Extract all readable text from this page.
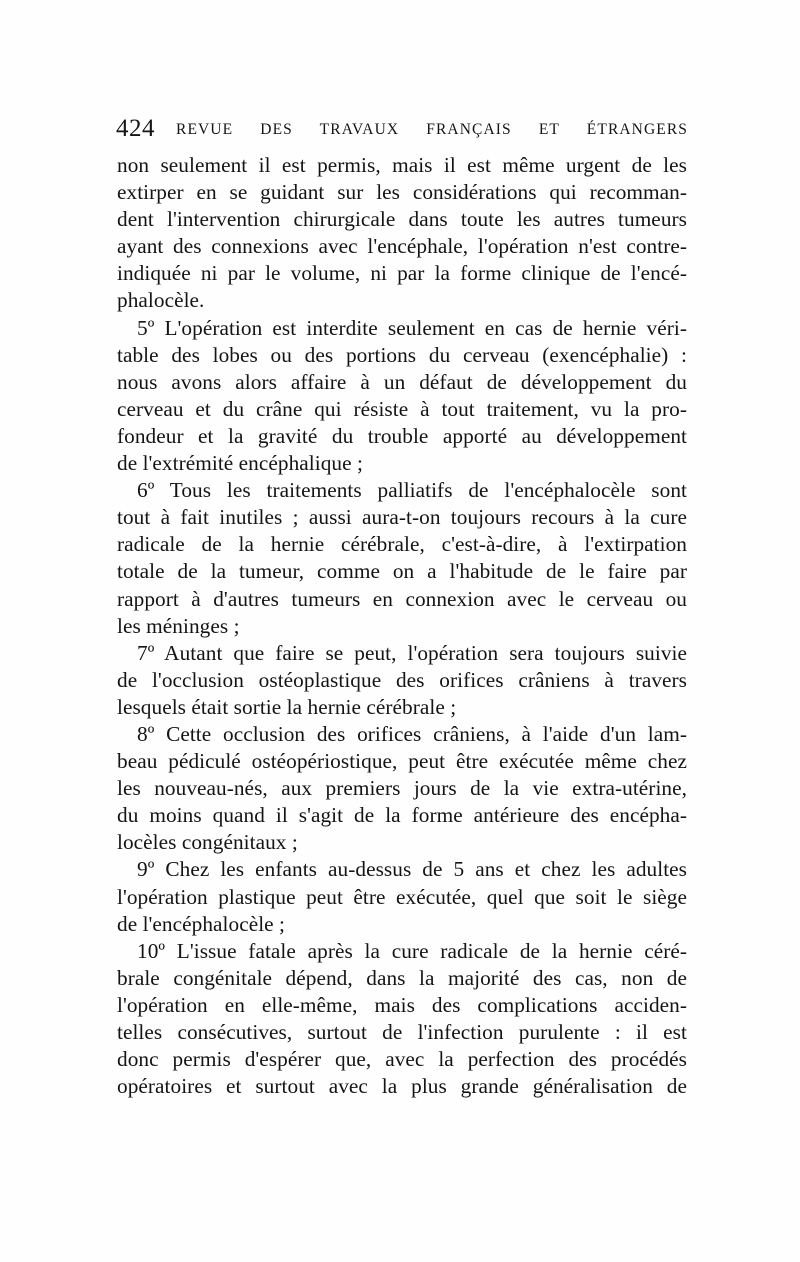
424 REVUE DES TRAVAUX FRANÇAIS ET ÉTRANGERS
non seulement il est permis, mais il est même urgent de les
extirper en se guidant sur les considérations qui recomman-
dent l'intervention chirurgicale dans toute les autres tumeurs
ayant des connexions avec l'encéphale, l'opération n'est contre-
indiquée ni par le volume, ni par la forme clinique de l'encé-
phalocèle.
5º L'opération est interdite seulement en cas de hernie véri-
table des lobes ou des portions du cerveau (exencéphalie) :
nous avons alors affaire à un défaut de développement du
cerveau et du crâne qui résiste à tout traitement, vu la pro-
fondeur et la gravité du trouble apporté au développement
de l'extrémité encéphalique ;
6º Tous les traitements palliatifs de l'encéphalocèle sont
tout à fait inutiles ; aussi aura-t-on toujours recours à la cure
radicale de la hernie cérébrale, c'est-à-dire, à l'extirpation
totale de la tumeur, comme on a l'habitude de le faire par
rapport à d'autres tumeurs en connexion avec le cerveau ou
les méninges ;
7º Autant que faire se peut, l'opération sera toujours suivie
de l'occlusion ostéoplastique des orifices crâniens à travers
lesquels était sortie la hernie cérébrale ;
8º Cette occlusion des orifices crâniens, à l'aide d'un lam-
beau pédiculé ostéopériostique, peut être exécutée même chez
les nouveau-nés, aux premiers jours de la vie extra-utérine,
du moins quand il s'agit de la forme antérieure des encépha-
locèles congénitaux ;
9º Chez les enfants au-dessus de 5 ans et chez les adultes
l'opération plastique peut être exécutée, quel que soit le siège
de l'encéphalocèle ;
10º L'issue fatale après la cure radicale de la hernie céré-
brale congénitale dépend, dans la majorité des cas, non de
l'opération en elle-même, mais des complications acciden-
telles consécutives, surtout de l'infection purulente : il est
donc permis d'espérer que, avec la perfection des procédés
opératoires et surtout avec la plus grande généralisation de
